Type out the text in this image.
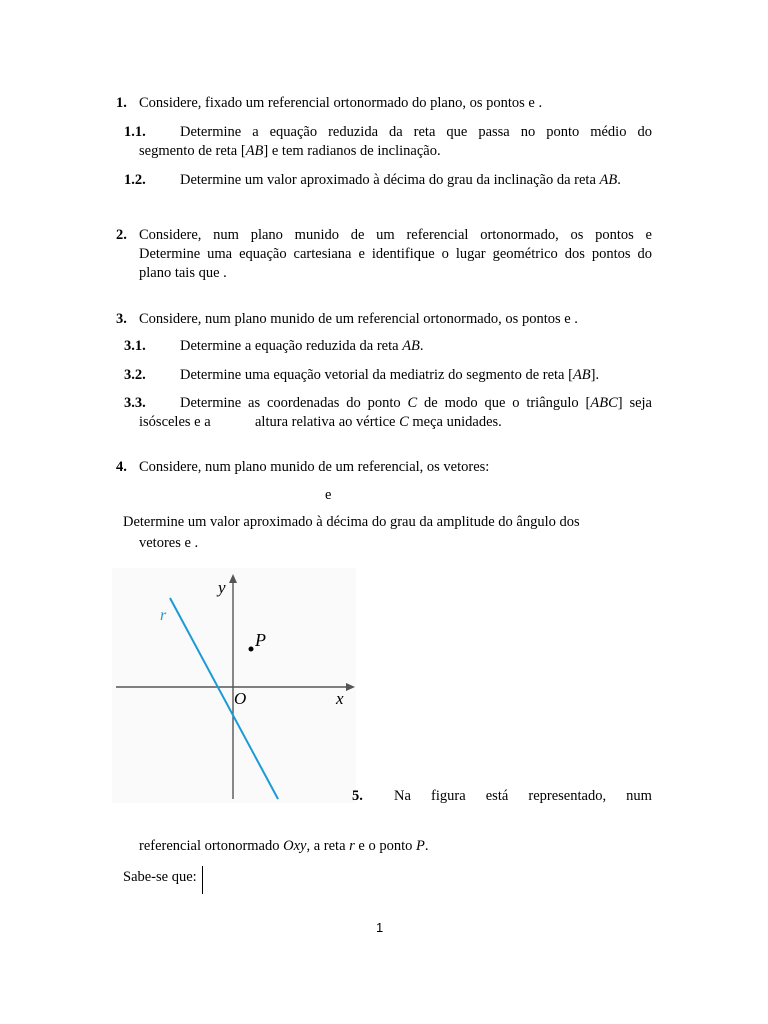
1. Considere, fixado um referencial ortonormado do plano, os pontos e .
1.1. Determine a equação reduzida da reta que passa no ponto médio do
segmento de reta [AB] e tem radianos de inclinação.
1.2. Determine um valor aproximado à décima do grau da inclinação da reta AB.
2. Considere, num plano munido de um referencial ortonormado, os pontos e
Determine uma equação cartesiana e identifique o lugar geométrico dos pontos do
plano tais que .
3. Considere, num plano munido de um referencial ortonormado, os pontos e .
3.1. Determine a equação reduzida da reta AB.
3.2. Determine uma equação vetorial da mediatriz do segmento de reta [AB].
3.3. Determine as coordenadas do ponto C de modo que o triângulo [ABC] seja
isósceles e a	altura relativa ao vértice C meça unidades.
4. Considere, num plano munido de um referencial, os vetores:
e
Determine um valor aproximado à décima do grau da amplitude do ângulo dos
vetores e .
y
x
O
r
P
5. Na figura está representado, num
referencial ortonormado Oxy, a reta r e o ponto P.
Sabe-se que:
1
